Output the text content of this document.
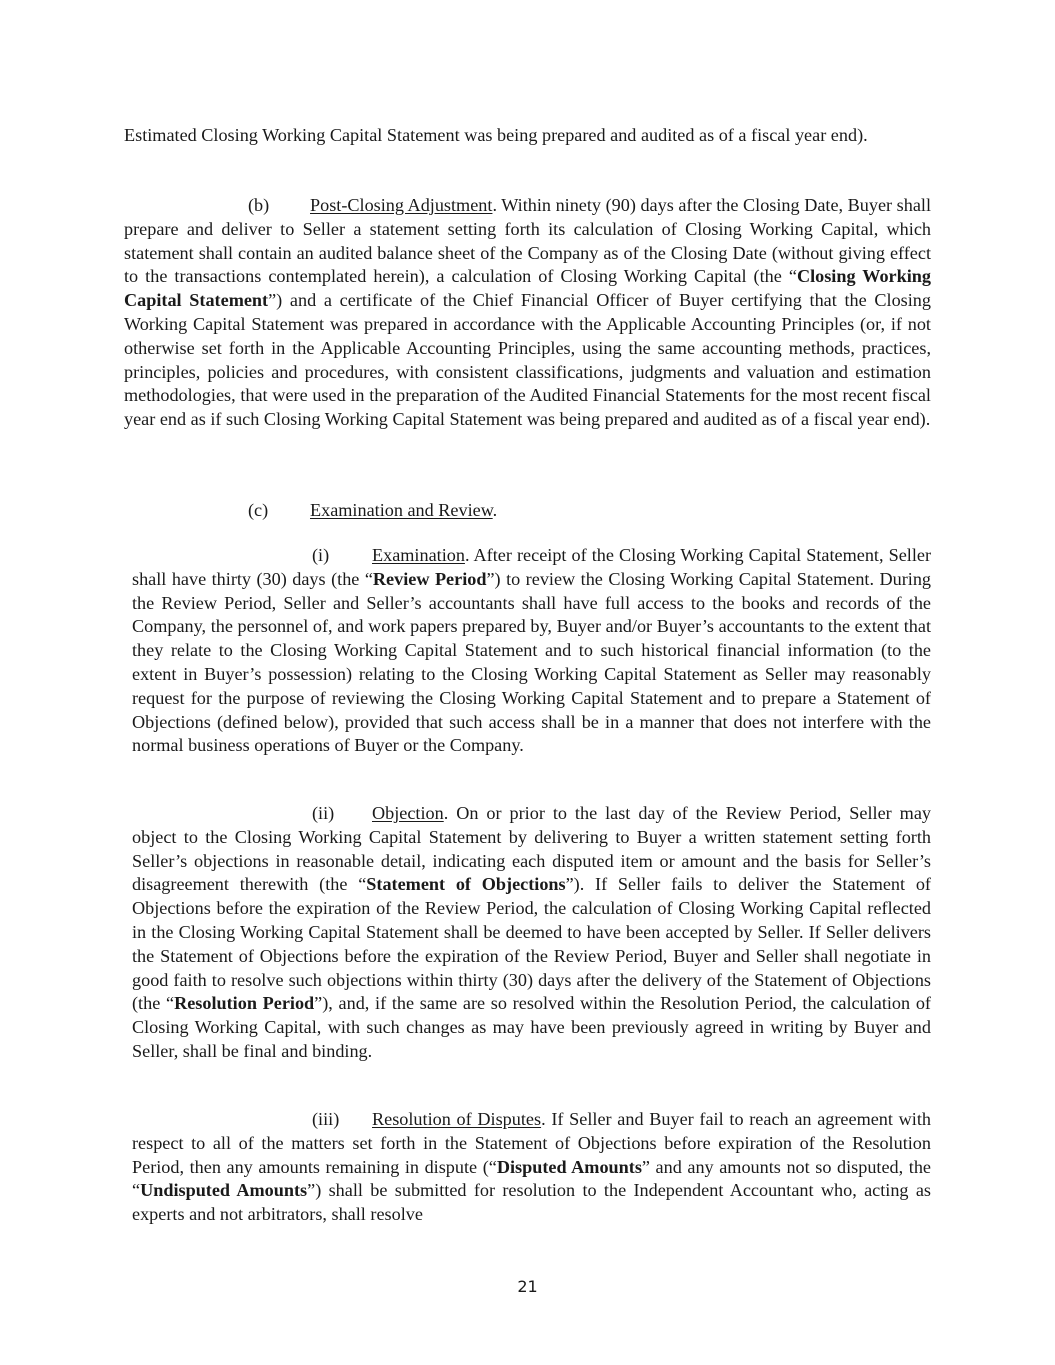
Estimated Closing Working Capital Statement was being prepared and audited as of a fiscal year end).

(b) Post-Closing Adjustment. Within ninety (90) days after the Closing Date, Buyer shall prepare and deliver to Seller a statement setting forth its calculation of Closing Working Capital, which statement shall contain an audited balance sheet of the Company as of the Closing Date (without giving effect to the transactions contemplated herein), a calculation of Closing Working Capital (the “Closing Working Capital Statement”) and a certificate of the Chief Financial Officer of Buyer certifying that the Closing Working Capital Statement was prepared in accordance with the Applicable Accounting Principles (or, if not otherwise set forth in the Applicable Accounting Principles, using the same accounting methods, practices, principles, policies and procedures, with consistent classifications, judgments and valuation and estimation methodologies, that were used in the preparation of the Audited Financial Statements for the most recent fiscal year end as if such Closing Working Capital Statement was being prepared and audited as of a fiscal year end).

(c) Examination and Review.

(i) Examination. After receipt of the Closing Working Capital Statement, Seller shall have thirty (30) days (the “Review Period”) to review the Closing Working Capital Statement. During the Review Period, Seller and Seller’s accountants shall have full access to the books and records of the Company, the personnel of, and work papers prepared by, Buyer and/or Buyer’s accountants to the extent that they relate to the Closing Working Capital Statement and to such historical financial information (to the extent in Buyer’s possession) relating to the Closing Working Capital Statement as Seller may reasonably request for the purpose of reviewing the Closing Working Capital Statement and to prepare a Statement of Objections (defined below), provided that such access shall be in a manner that does not interfere with the normal business operations of Buyer or the Company.

(ii) Objection. On or prior to the last day of the Review Period, Seller may object to the Closing Working Capital Statement by delivering to Buyer a written statement setting forth Seller’s objections in reasonable detail, indicating each disputed item or amount and the basis for Seller’s disagreement therewith (the “Statement of Objections”). If Seller fails to deliver the Statement of Objections before the expiration of the Review Period, the calculation of Closing Working Capital reflected in the Closing Working Capital Statement shall be deemed to have been accepted by Seller. If Seller delivers the Statement of Objections before the expiration of the Review Period, Buyer and Seller shall negotiate in good faith to resolve such objections within thirty (30) days after the delivery of the Statement of Objections (the “Resolution Period”), and, if the same are so resolved within the Resolution Period, the calculation of Closing Working Capital, with such changes as may have been previously agreed in writing by Buyer and Seller, shall be final and binding.

(iii) Resolution of Disputes. If Seller and Buyer fail to reach an agreement with respect to all of the matters set forth in the Statement of Objections before expiration of the Resolution Period, then any amounts remaining in dispute (“Disputed Amounts” and any amounts not so disputed, the “Undisputed Amounts”) shall be submitted for resolution to the Independent Accountant who, acting as experts and not arbitrators, shall resolve

21
